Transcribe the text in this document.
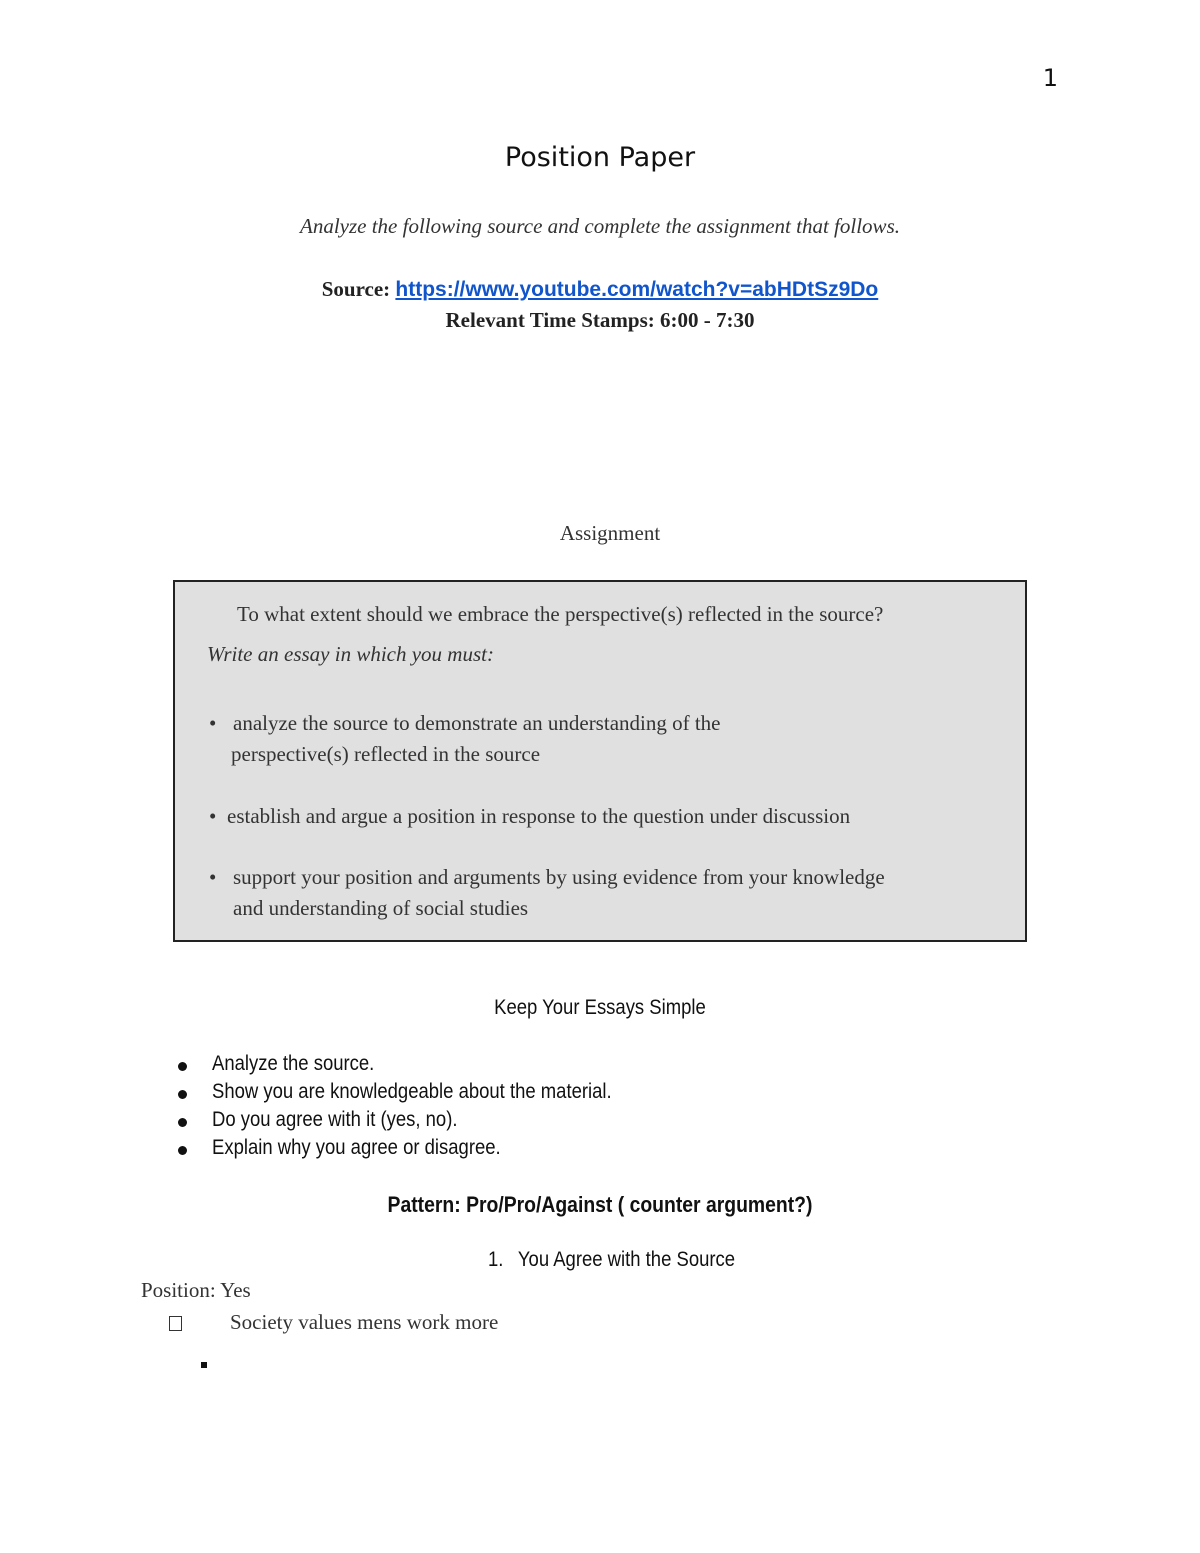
1
Position Paper
Analyze the following source and complete the assignment that follows.
Source: https://www.youtube.com/watch?v=abHDtSz9Do
Relevant Time Stamps: 6:00 - 7:30
Assignment
To what extent should we embrace the perspective(s) reflected in the source?
Write an essay in which you must:
• analyze the source to demonstrate an understanding of the
perspective(s) reflected in the source
• establish and argue a position in response to the question under discussion
• support your position and arguments by using evidence from your knowledge
and understanding of social studies
Keep Your Essays Simple
Analyze the source.
Show you are knowledgeable about the material.
Do you agree with it (yes, no).
Explain why you agree or disagree.
Pattern: Pro/Pro/Against ( counter argument?)
1. You Agree with the Source
Position: Yes
Society values mens work more
